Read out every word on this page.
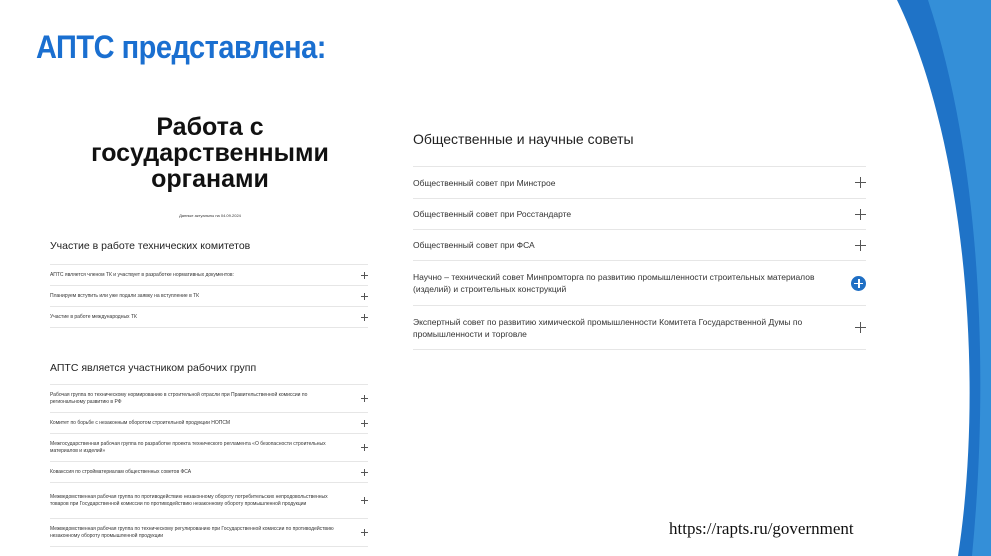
АПТС представлена:
Работа с государственными органами
Данные актуальны на 04.09.2024
Участие в работе технических комитетов
АПТС является членом ТК и участвует в разработке нормативных документов:
Планируем вступить или уже подали заявку на вступление в ТК
Участие в работе международных ТК
АПТС является участником рабочих групп
Рабочая группа по техническому нормированию в строительной отрасли при Правительственной комиссии по региональному развитию в РФ
Комитет по борьбе с незаконным оборотом строительной продукции НОПСМ
Межгосударственная рабочая группа по разработке проекта технического регламента «О безопасности строительных материалов и изделий»
Ковакссия по стройматериалам общественных советов ФСА
Межведомственная рабочая группа по противодействию незаконному обороту потребительских непродовольственных товаров при Государственной комиссии по противодействию незаконному обороту промышленной продукции
Межведомственная рабочая группа по техническому регулированию при Государственной комиссии по противодействию незаконному обороту промышленной продукции
Общественные и научные советы
Общественный совет при Минстрое
Общественный совет при Росстандарте
Общественный совет при ФСА
Научно – технический совет Минпромторга по развитию промышленности строительных материалов (изделий) и строительных конструкций
Экспертный совет по развитию химической промышленности Комитета Государственной Думы по промышленности и торговле
https://rapts.ru/government
